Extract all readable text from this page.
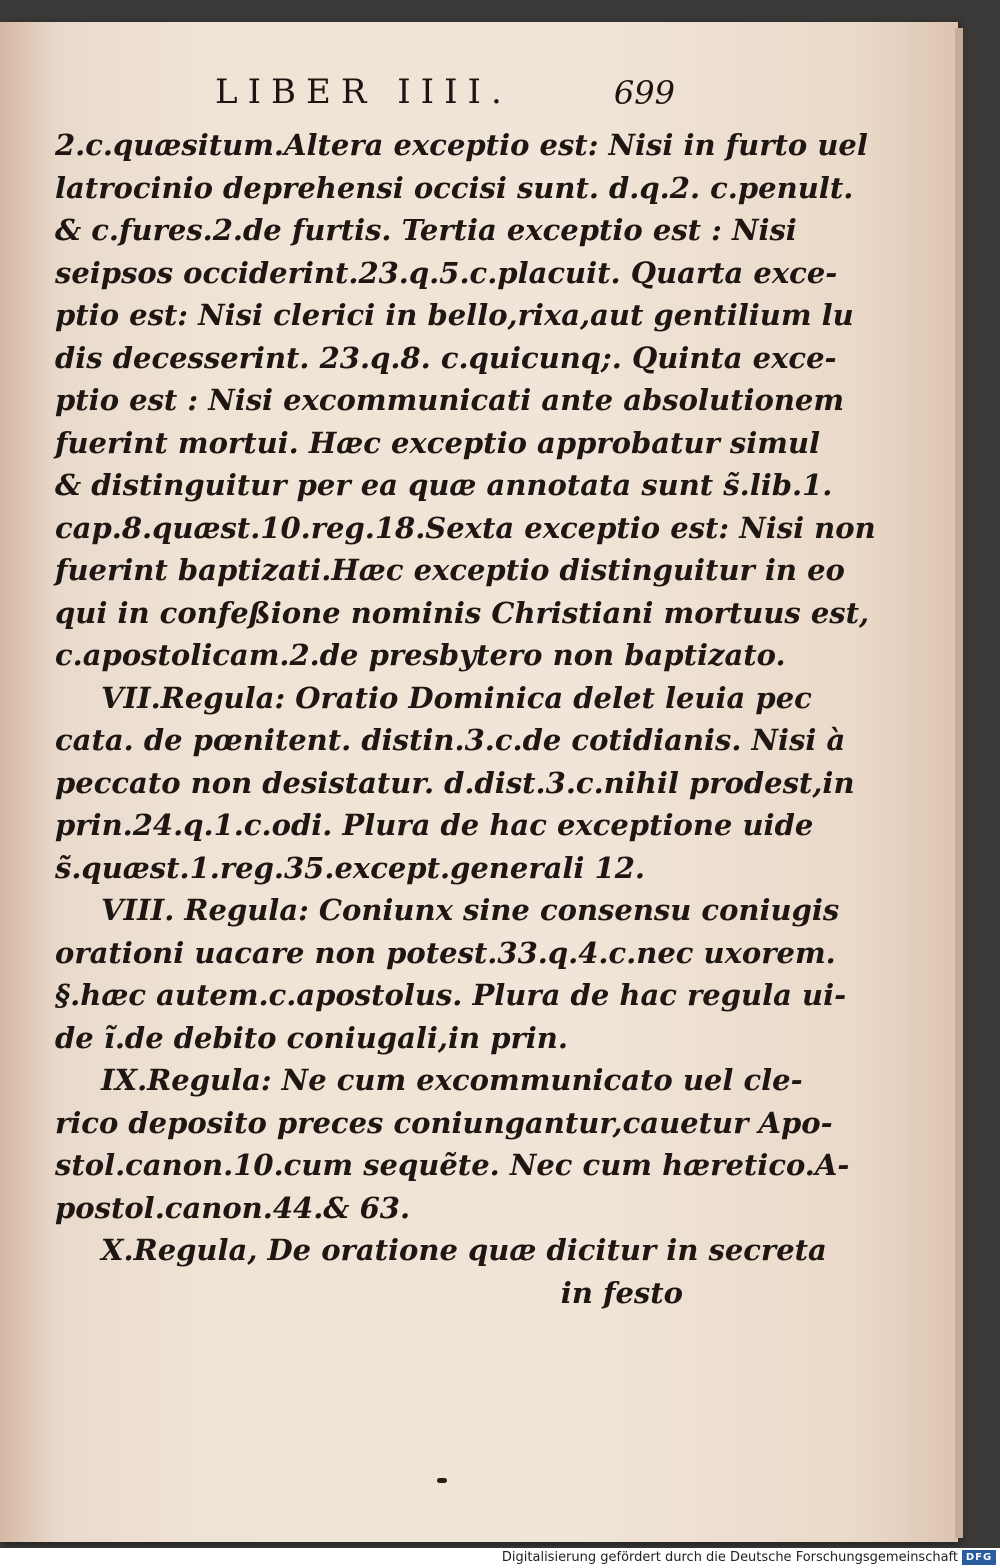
LIBER IIII.	699
2.c.quæsitum.Altera exceptio est: Nisi in furto uel
latrocinio deprehensi occisi sunt. d.q.2. c.penult.
& c.fures.2.de furtis. Tertia exceptio est : Nisi
seipsos occiderint.23.q.5.c.placuit. Quarta exce-
ptio est: Nisi clerici in bello,rixa,aut gentilium lu
dis decesserint. 23.q.8. c.quicunq;. Quinta exce-
ptio est : Nisi excommunicati ante absolutionem
fuerint mortui. Hæc exceptio approbatur simul
& distinguitur per ea quæ annotata sunt s̃.lib.1.
cap.8.quæst.10.reg.18.Sexta exceptio est: Nisi non
fuerint baptizati.Hæc exceptio distinguitur in eo
qui in confeßione nominis Christiani mortuus est,
c.apostolicam.2.de presbytero non baptizato.
VII.Regula: Oratio Dominica delet leuia pec
cata. de pœnitent. distin.3.c.de cotidianis. Nisi à
peccato non desistatur. d.dist.3.c.nihil prodest,in
prin.24.q.1.c.odi. Plura de hac exceptione uide
s̃.quæst.1.reg.35.except.generali 12.
VIII. Regula: Coniunx sine consensu coniugis
orationi uacare non potest.33.q.4.c.nec uxorem.
§.hæc autem.c.apostolus. Plura de hac regula ui-
de ĩ.de debito coniugali,in prin.
IX.Regula: Ne cum excommunicato uel cle-
rico deposito preces coniungantur,cauetur Apo-
stol.canon.10.cum sequẽte. Nec cum hæretico.A-
postol.canon.44.& 63.
X.Regula, De oratione quæ dicitur in secreta
in festo
Digitalisierung gefördert durch die Deutsche Forschungsgemeinschaft DFG
